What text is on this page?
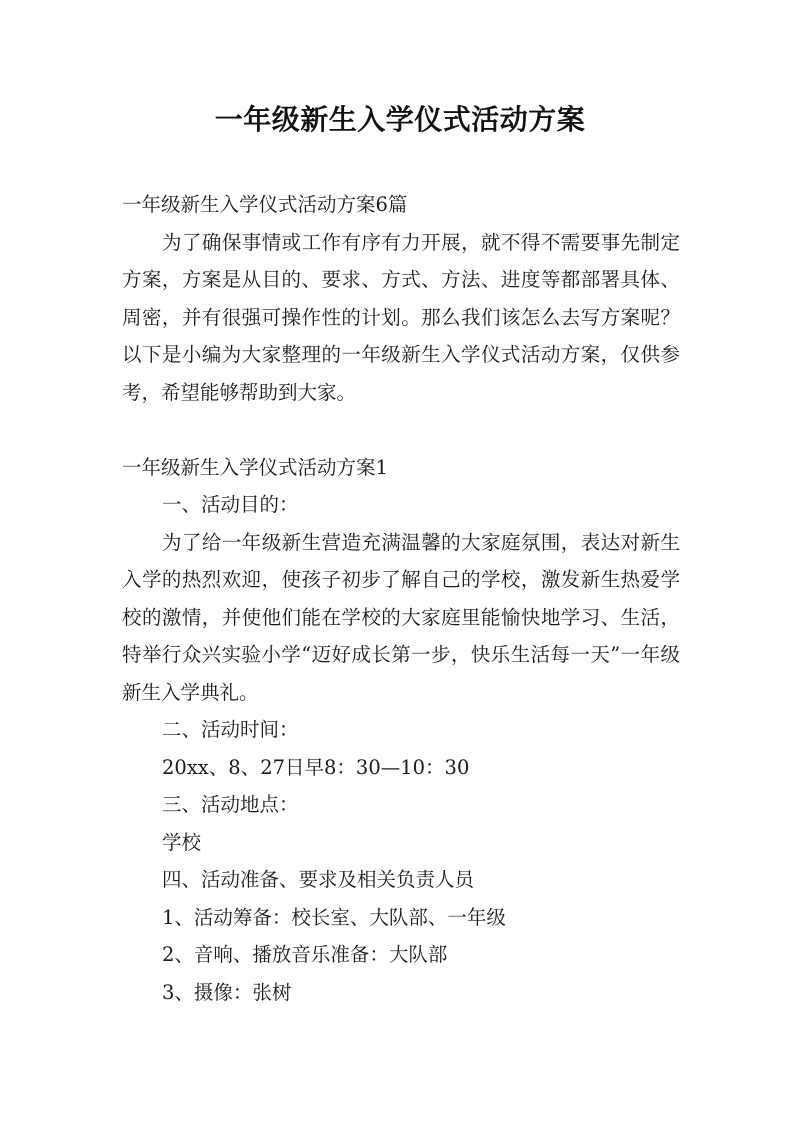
一年级新生入学仪式活动方案
一年级新生入学仪式活动方案6篇
为了确保事情或工作有序有力开展，就不得不需要事先制定方案，方案是从目的、要求、方式、方法、进度等都部署具体、周密，并有很强可操作性的计划。那么我们该怎么去写方案呢？以下是小编为大家整理的一年级新生入学仪式活动方案，仅供参考，希望能够帮助到大家。
一年级新生入学仪式活动方案1
一、活动目的：
为了给一年级新生营造充满温馨的大家庭氛围，表达对新生入学的热烈欢迎，使孩子初步了解自己的学校，激发新生热爱学校的激情，并使他们能在学校的大家庭里能愉快地学习、生活，特举行众兴实验小学“迈好成长第一步，快乐生活每一天”一年级新生入学典礼。
二、活动时间：
20xx、8、27日早8：30—10：30
三、活动地点：
学校
四、活动准备、要求及相关负责人员
1、活动筹备：校长室、大队部、一年级
2、音响、播放音乐准备：大队部
3、摄像：张树
